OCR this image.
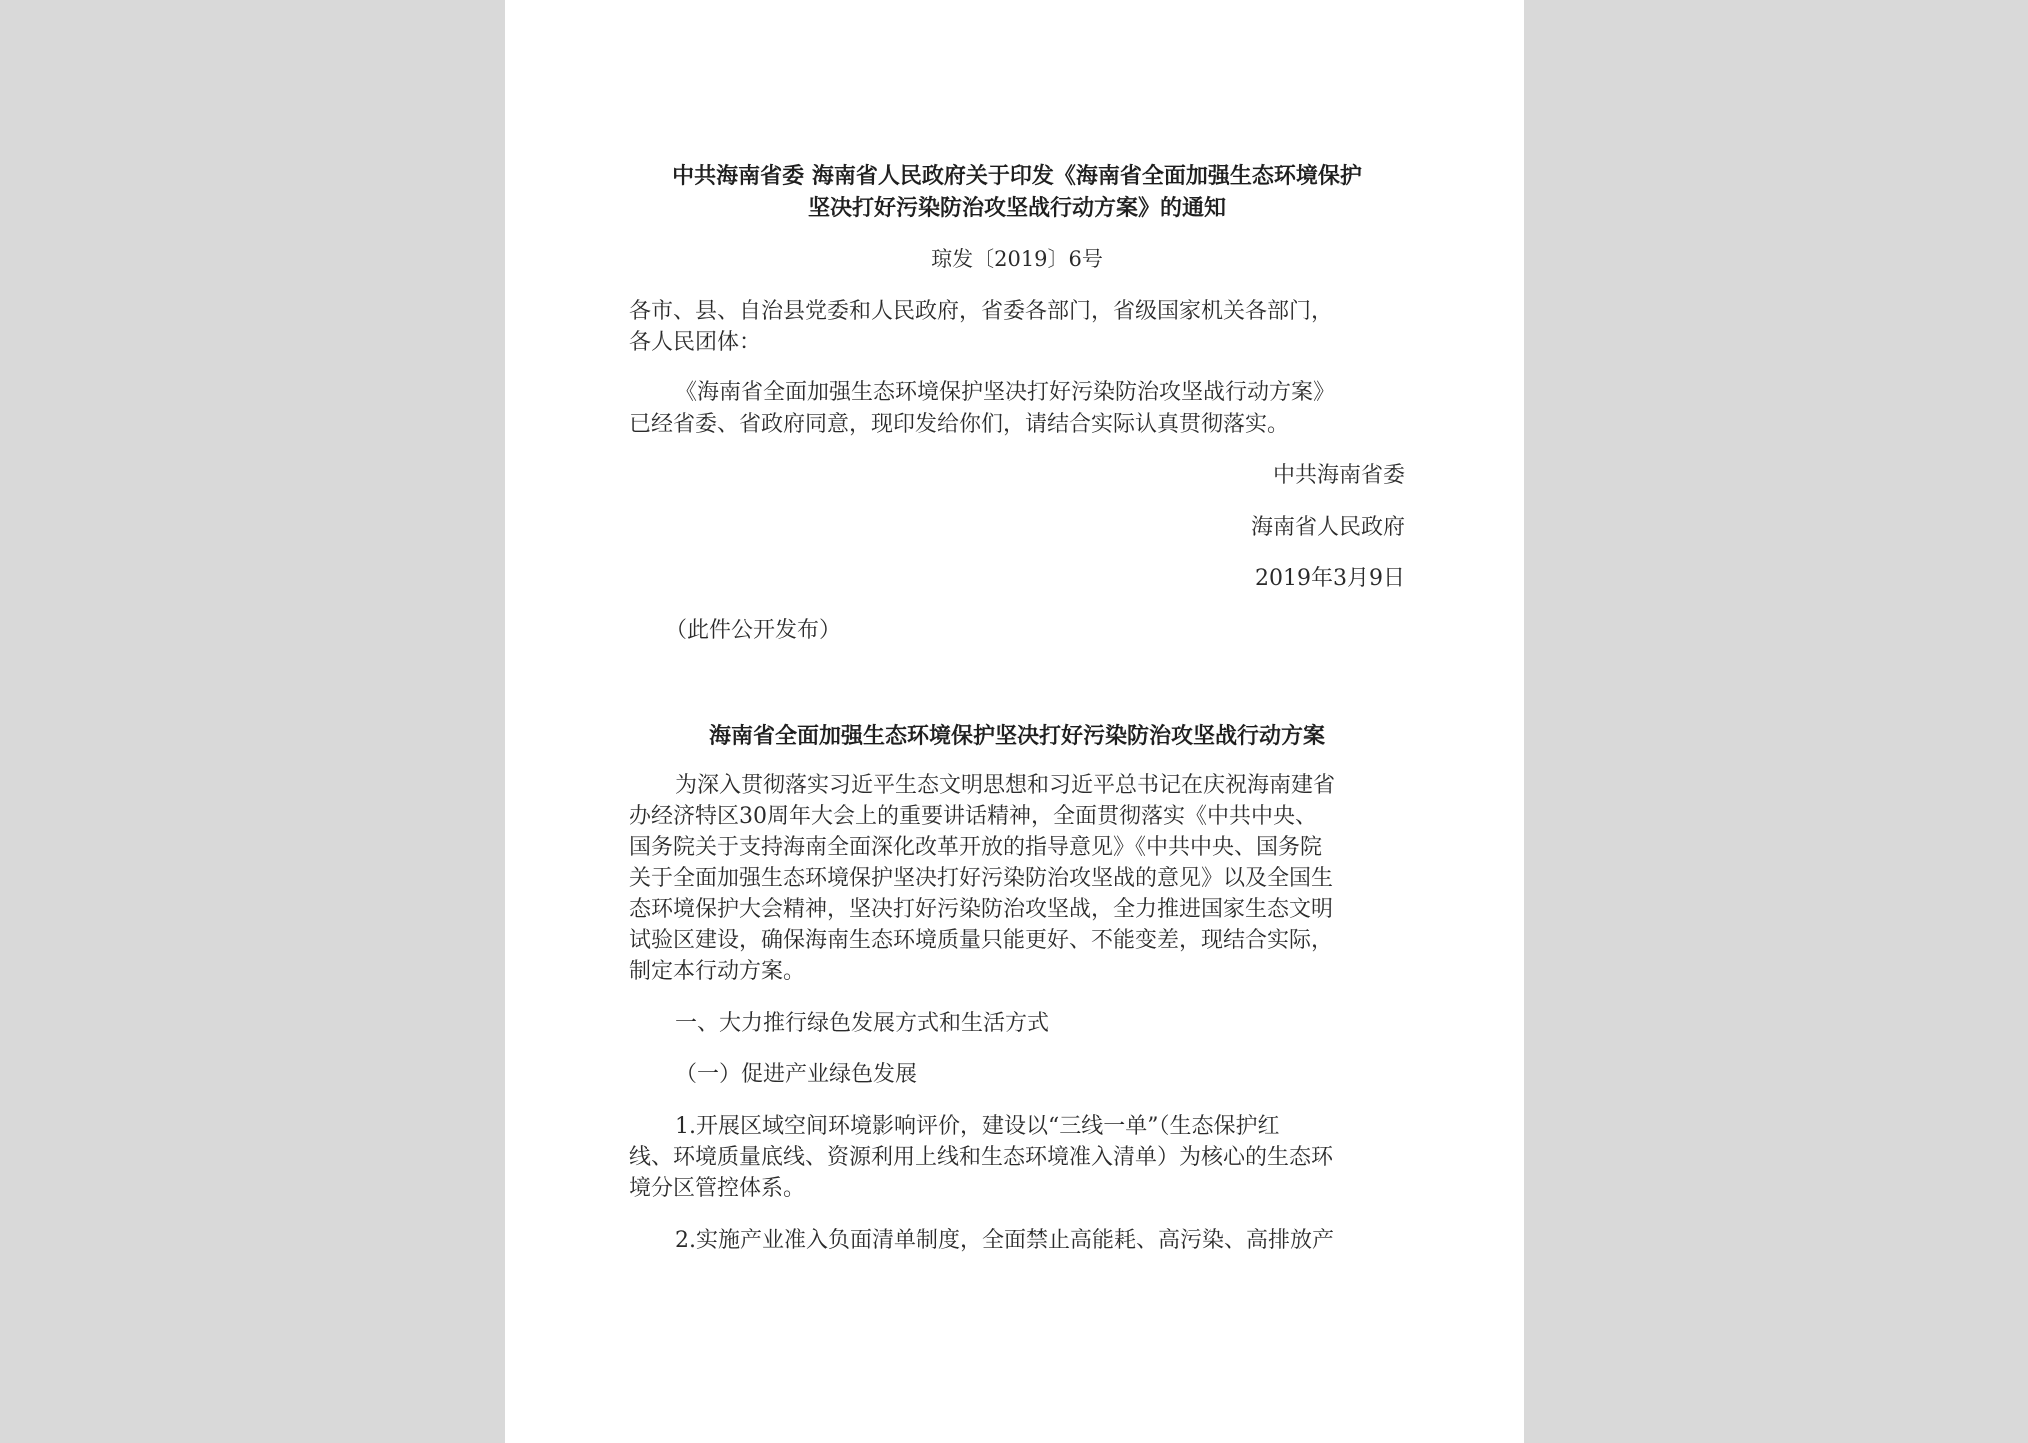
中共海南省委 海南省人民政府关于印发《海南省全面加强生态环境保护
坚决打好污染防治攻坚战行动方案》的通知
琼发〔2019〕6号
各市、县、自治县党委和人民政府，省委各部门，省级国家机关各部门，
各人民团体：
《海南省全面加强生态环境保护坚决打好污染防治攻坚战行动方案》
已经省委、省政府同意，现印发给你们，请结合实际认真贯彻落实。
中共海南省委
海南省人民政府
2019年3月9日
（此件公开发布）
海南省全面加强生态环境保护坚决打好污染防治攻坚战行动方案
为深入贯彻落实习近平生态文明思想和习近平总书记在庆祝海南建省
办经济特区30周年大会上的重要讲话精神，全面贯彻落实《中共中央、
国务院关于支持海南全面深化改革开放的指导意见》《中共中央、国务院
关于全面加强生态环境保护坚决打好污染防治攻坚战的意见》以及全国生
态环境保护大会精神，坚决打好污染防治攻坚战，全力推进国家生态文明
试验区建设，确保海南生态环境质量只能更好、不能变差，现结合实际，
制定本行动方案。
一、大力推行绿色发展方式和生活方式
（一）促进产业绿色发展
1.开展区域空间环境影响评价，建设以“三线一单”（生态保护红
线、环境质量底线、资源利用上线和生态环境准入清单）为核心的生态环
境分区管控体系。
2.实施产业准入负面清单制度，全面禁止高能耗、高污染、高排放产
